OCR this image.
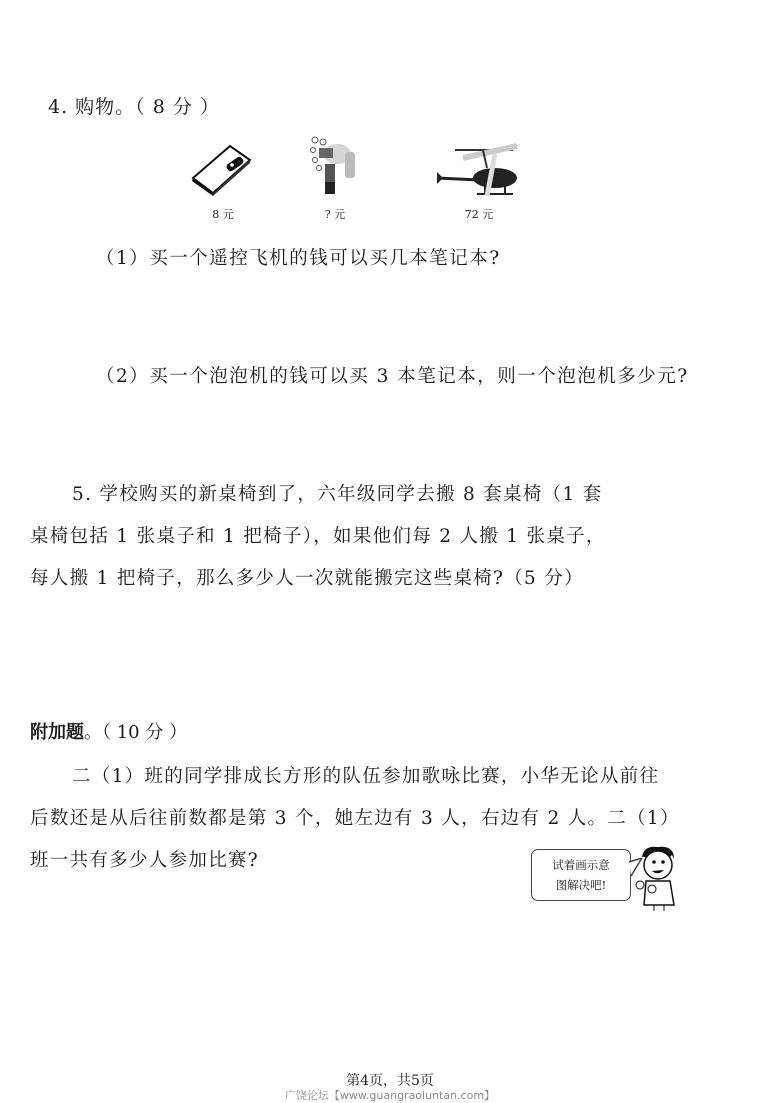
4. 购物。（ 8 分 ）
8 元	? 元	72 元
（1）买一个遥控飞机的钱可以买几本笔记本?
（2）买一个泡泡机的钱可以买 3 本笔记本，则一个泡泡机多少元?
5. 学校购买的新桌椅到了，六年级同学去搬 8 套桌椅（1 套
桌椅包括 1 张桌子和 1 把椅子），如果他们每 2 人搬 1 张桌子，
每人搬 1 把椅子，那么多少人一次就能搬完这些桌椅?（5 分）
附加题。（ 10 分 ）
二（1）班的同学排成长方形的队伍参加歌咏比赛，小华无论从前往
后数还是从后往前数都是第 3 个，她左边有 3 人，右边有 2 人。二（1）
班一共有多少人参加比赛?	试着画示意
图解决吧!
第4页，共5页
广饶论坛【www.guangraoluntan.com】
